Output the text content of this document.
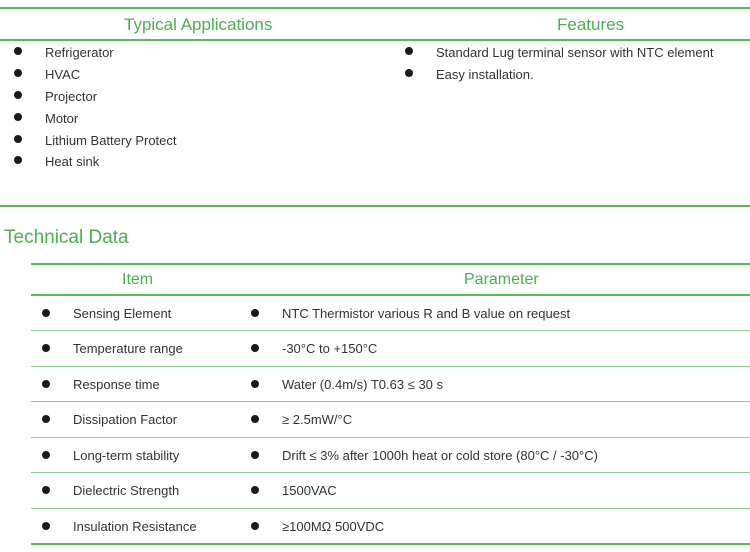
Typical Applications	Features
Refrigerator
HVAC
Projector
Motor
Lithium Battery Protect
Heat sink
Standard Lug terminal sensor with NTC element
Easy installation.
Technical Data
Item	Parameter
Sensing Element	NTC Thermistor various R and B value on request
Temperature range	-30°C to +150°C
Response time	Water (0.4m/s) T0.63 ≤ 30 s
Dissipation Factor	≥ 2.5mW/°C
Long-term stability	Drift ≤ 3% after 1000h heat or cold store (80°C / -30°C)
Dielectric Strength	1500VAC
Insulation Resistance	≥100MΩ 500VDC
